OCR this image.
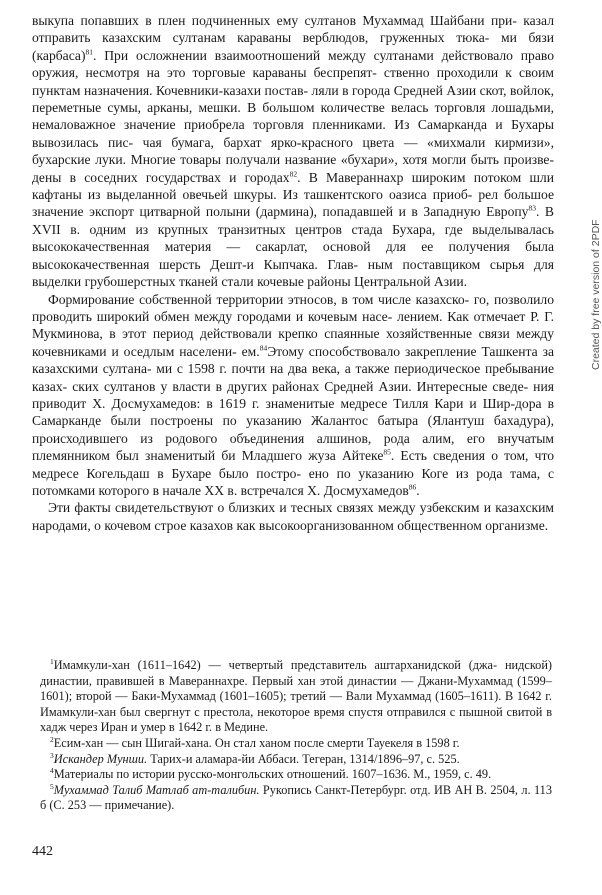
выкупа попавших в плен подчиненных ему султанов Мухаммад Шайбани при- казал отправить казахским султанам караваны верблюдов, груженных тюка- ми бязи (карбаса)$^{81}$. При осложнении взаимоотношений между султанами действовало право оружия, несмотря на это торговые караваны беспрепят- ственно проходили к своим пунктам назначения. Кочевники-казахи постав- ляли в города Средней Азии скот, войлок, переметные сумы, арканы, мешки. В большом количестве велась торговля лошадьми, немаловажное значение приобрела торговля пленниками. Из Самарканда и Бухары вывозилась пис- чая бумага, бархат ярко-красного цвета — «михмали кирмизи», бухарские луки. Многие товары получали название «бухари», хотя могли быть произве- дены в соседних государствах и городах$^{82}$. В Мавераннахр широким потоком шли кафтаны из выделанной овечьей шкуры. Из ташкентского оазиса приоб- рел большое значение экспорт цитварной полыни (дармина), попадавшей и в Западную Европу$^{83}$. В XVII в. одним из крупных транзитных центров стада Бухара, где выделывалась высококачественная материя — сакарлат, основой для ее получения была высококачественная шерсть Дешт-и Кыпчака. Глав- ным поставщиком сырья для выделки грубошерстных тканей стали кочевые районы Центральной Азии.

Формирование собственной территории этносов, в том числе казахско- го, позволило проводить широкий обмен между городами и кочевым насе- лением. Как отмечает Р. Г. Мукминова, в этот период действовали крепко спаянные хозяйственные связи между кочевниками и оседлым населени- ем.$^{84}$Этому способствовало закрепление Ташкента за казахскими султана- ми с 1598 г. почти на два века, а также периодическое пребывание казах- ских султанов у власти в других районах Средней Азии. Интересные сведе- ния приводит Х. Досмухамедов: в 1619 г. знаменитые медресе Тилля Кари и Шир-дора в Самарканде были построены по указанию Жалантос батыра (Ялантуш бахадура), происходившего из родового объединения алшинов, рода алим, его внучатым племянником был знаменитый би Младшего жуза Айтеке$^{85}$. Есть сведения о том, что медресе Когельдаш в Бухаре было постро- ено по указанию Коге из рода тама, с потомками которого в начале XX в. встречался Х. Досмухамедов$^{86}$.

Эти факты свидетельствуют о близких и тесных связях между узбекским и казахским народами, о кочевом строе казахов как высокоорганизованном общественном организме.

$^1$Имамкули-хан (1611–1642) — четвертый представитель аштарханидской (джа- нидской) династии, правившей в Мавераннахре. Первый хан этой династии — Джани-Мухаммад (1599–1601); второй — Баки-Мухаммад (1601–1605); третий — Вали Мухаммад (1605–1611). В 1642 г. Имамкули-хан был свергнут с престола, некоторое время спустя отправился с пышной свитой в хадж через Иран и умер в 1642 г. в Медине.

$^2$Есим-хан — сын Шигай-хана. Он стал ханом после смерти Тауекеля в 1598 г.

$^3$Искандер Мунши. Тарих-и аламара-йи Аббаси. Тегеран, 1314/1896–97, с. 525.

$^4$Материалы по истории русско-монгольских отношений. 1607–1636. М., 1959, с. 49.

$^5$Мухаммад Талиб Матлаб ат-талибин. Рукопись Санкт-Петербург. отд. ИВ АН В. 2504, л. 113 б (С. 253 — примечание).

442
Created by free version of 2PDF
